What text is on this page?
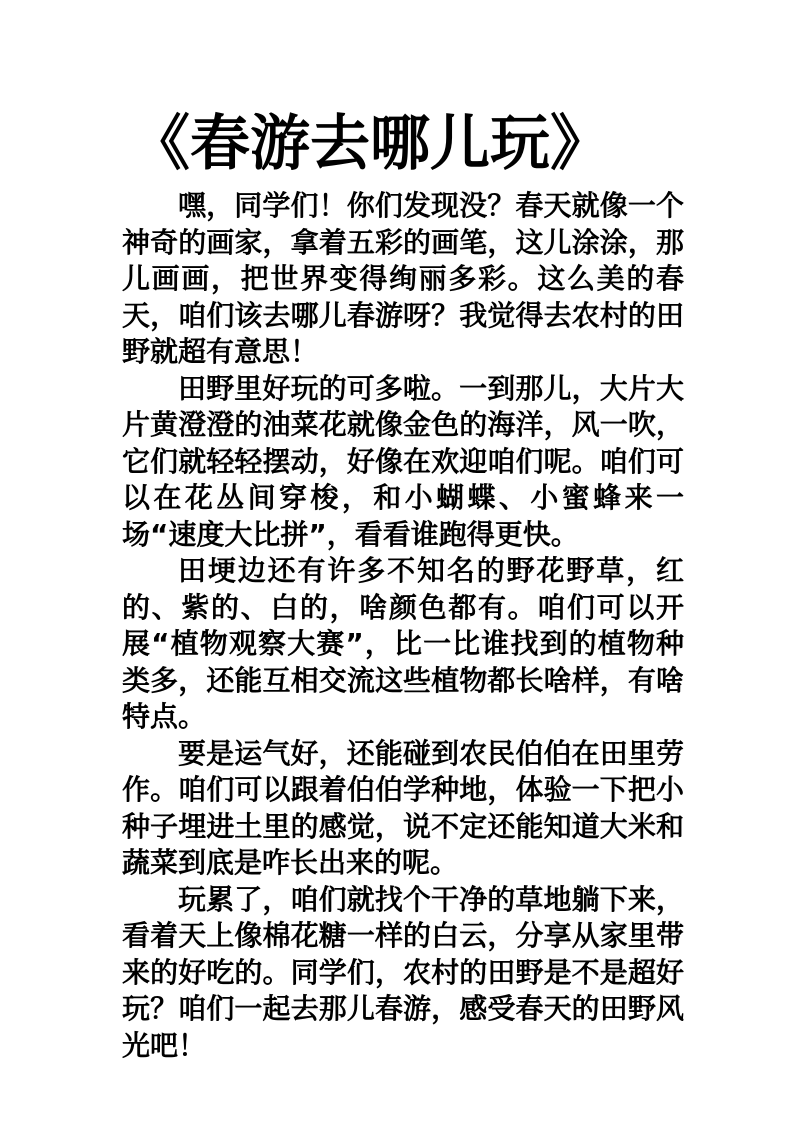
《春游去哪儿玩》

嘿，同学们！你们发现没？春天就像一个神奇的画家，拿着五彩的画笔，这儿涂涂，那儿画画，把世界变得绚丽多彩。这么美的春天，咱们该去哪儿春游呀？我觉得去农村的田野就超有意思！

田野里好玩的可多啦。一到那儿，大片大片黄澄澄的油菜花就像金色的海洋，风一吹，它们就轻轻摆动，好像在欢迎咱们呢。咱们可以在花丛间穿梭，和小蝴蝶、小蜜蜂来一场“速度大比拼”，看看谁跑得更快。

田埂边还有许多不知名的野花野草，红的、紫的、白的，啥颜色都有。咱们可以开展“植物观察大赛”，比一比谁找到的植物种类多，还能互相交流这些植物都长啥样，有啥特点。

要是运气好，还能碰到农民伯伯在田里劳作。咱们可以跟着伯伯学种地，体验一下把小种子埋进土里的感觉，说不定还能知道大米和蔬菜到底是咋长出来的呢。

玩累了，咱们就找个干净的草地躺下来，看着天上像棉花糖一样的白云，分享从家里带来的好吃的。同学们，农村的田野是不是超好玩？咱们一起去那儿春游，感受春天的田野风光吧！
